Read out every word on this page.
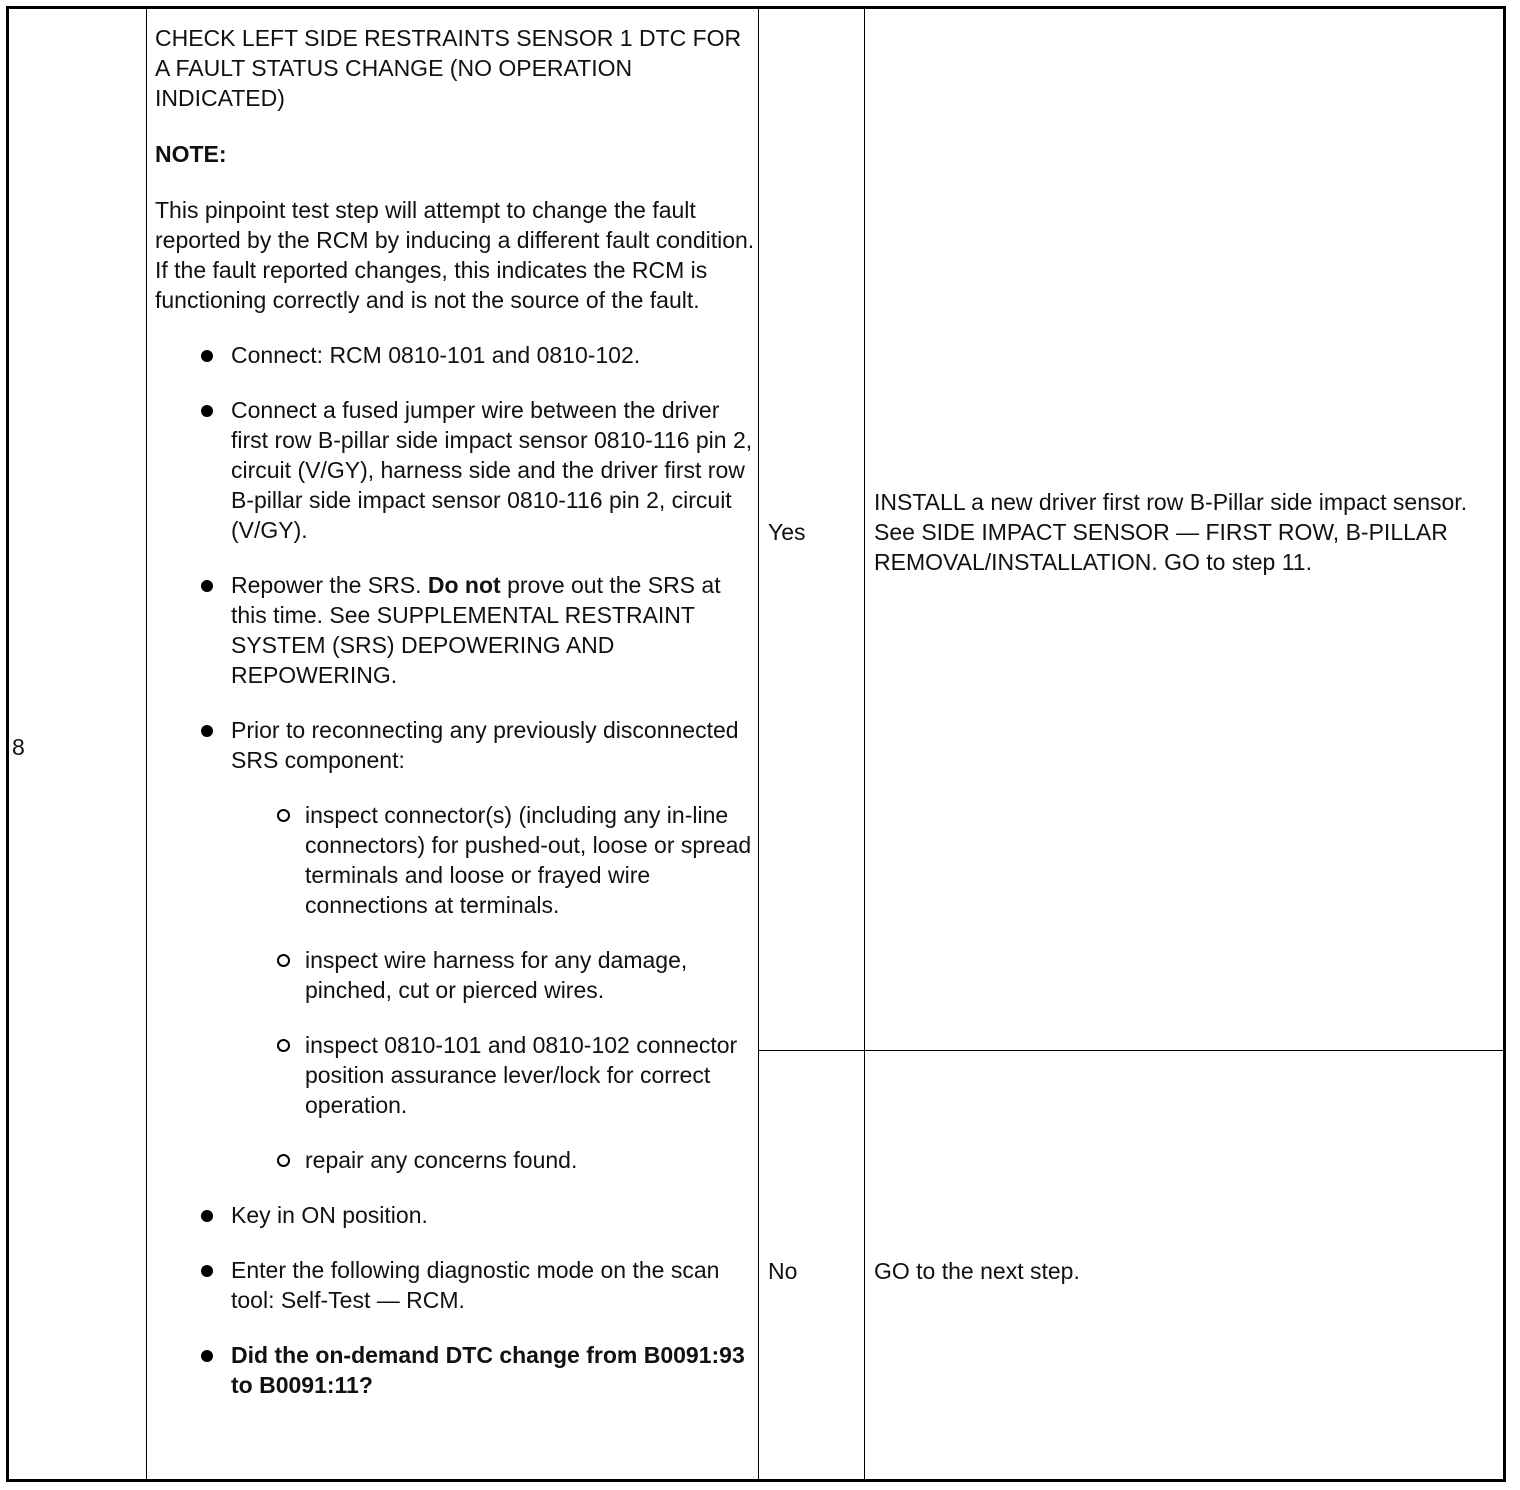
8

CHECK LEFT SIDE RESTRAINTS SENSOR 1 DTC FOR A FAULT STATUS CHANGE (NO OPERATION INDICATED)

NOTE:

This pinpoint test step will attempt to change the fault reported by the RCM by inducing a different fault condition. If the fault reported changes, this indicates the RCM is functioning correctly and is not the source of the fault.

Connect: RCM 0810-101 and 0810-102.
Connect a fused jumper wire between the driver first row B-pillar side impact sensor 0810-116 pin 2, circuit (V/GY), harness side and the driver first row B-pillar side impact sensor 0810-116 pin 2, circuit (V/GY).
Repower the SRS. Do not prove out the SRS at this time. See SUPPLEMENTAL RESTRAINT SYSTEM (SRS) DEPOWERING AND REPOWERING.
Prior to reconnecting any previously disconnected SRS component:
inspect connector(s) (including any in-line connectors) for pushed-out, loose or spread terminals and loose or frayed wire connections at terminals.
inspect wire harness for any damage, pinched, cut or pierced wires.
inspect 0810-101 and 0810-102 connector position assurance lever/lock for correct operation.
repair any concerns found.
Key in ON position.
Enter the following diagnostic mode on the scan tool: Self-Test — RCM.
Did the on-demand DTC change from B0091:93 to B0091:11?
Yes
INSTALL a new driver first row B-Pillar side impact sensor. See SIDE IMPACT SENSOR — FIRST ROW, B-PILLAR REMOVAL/INSTALLATION. GO to step 11.
No	GO to the next step.
